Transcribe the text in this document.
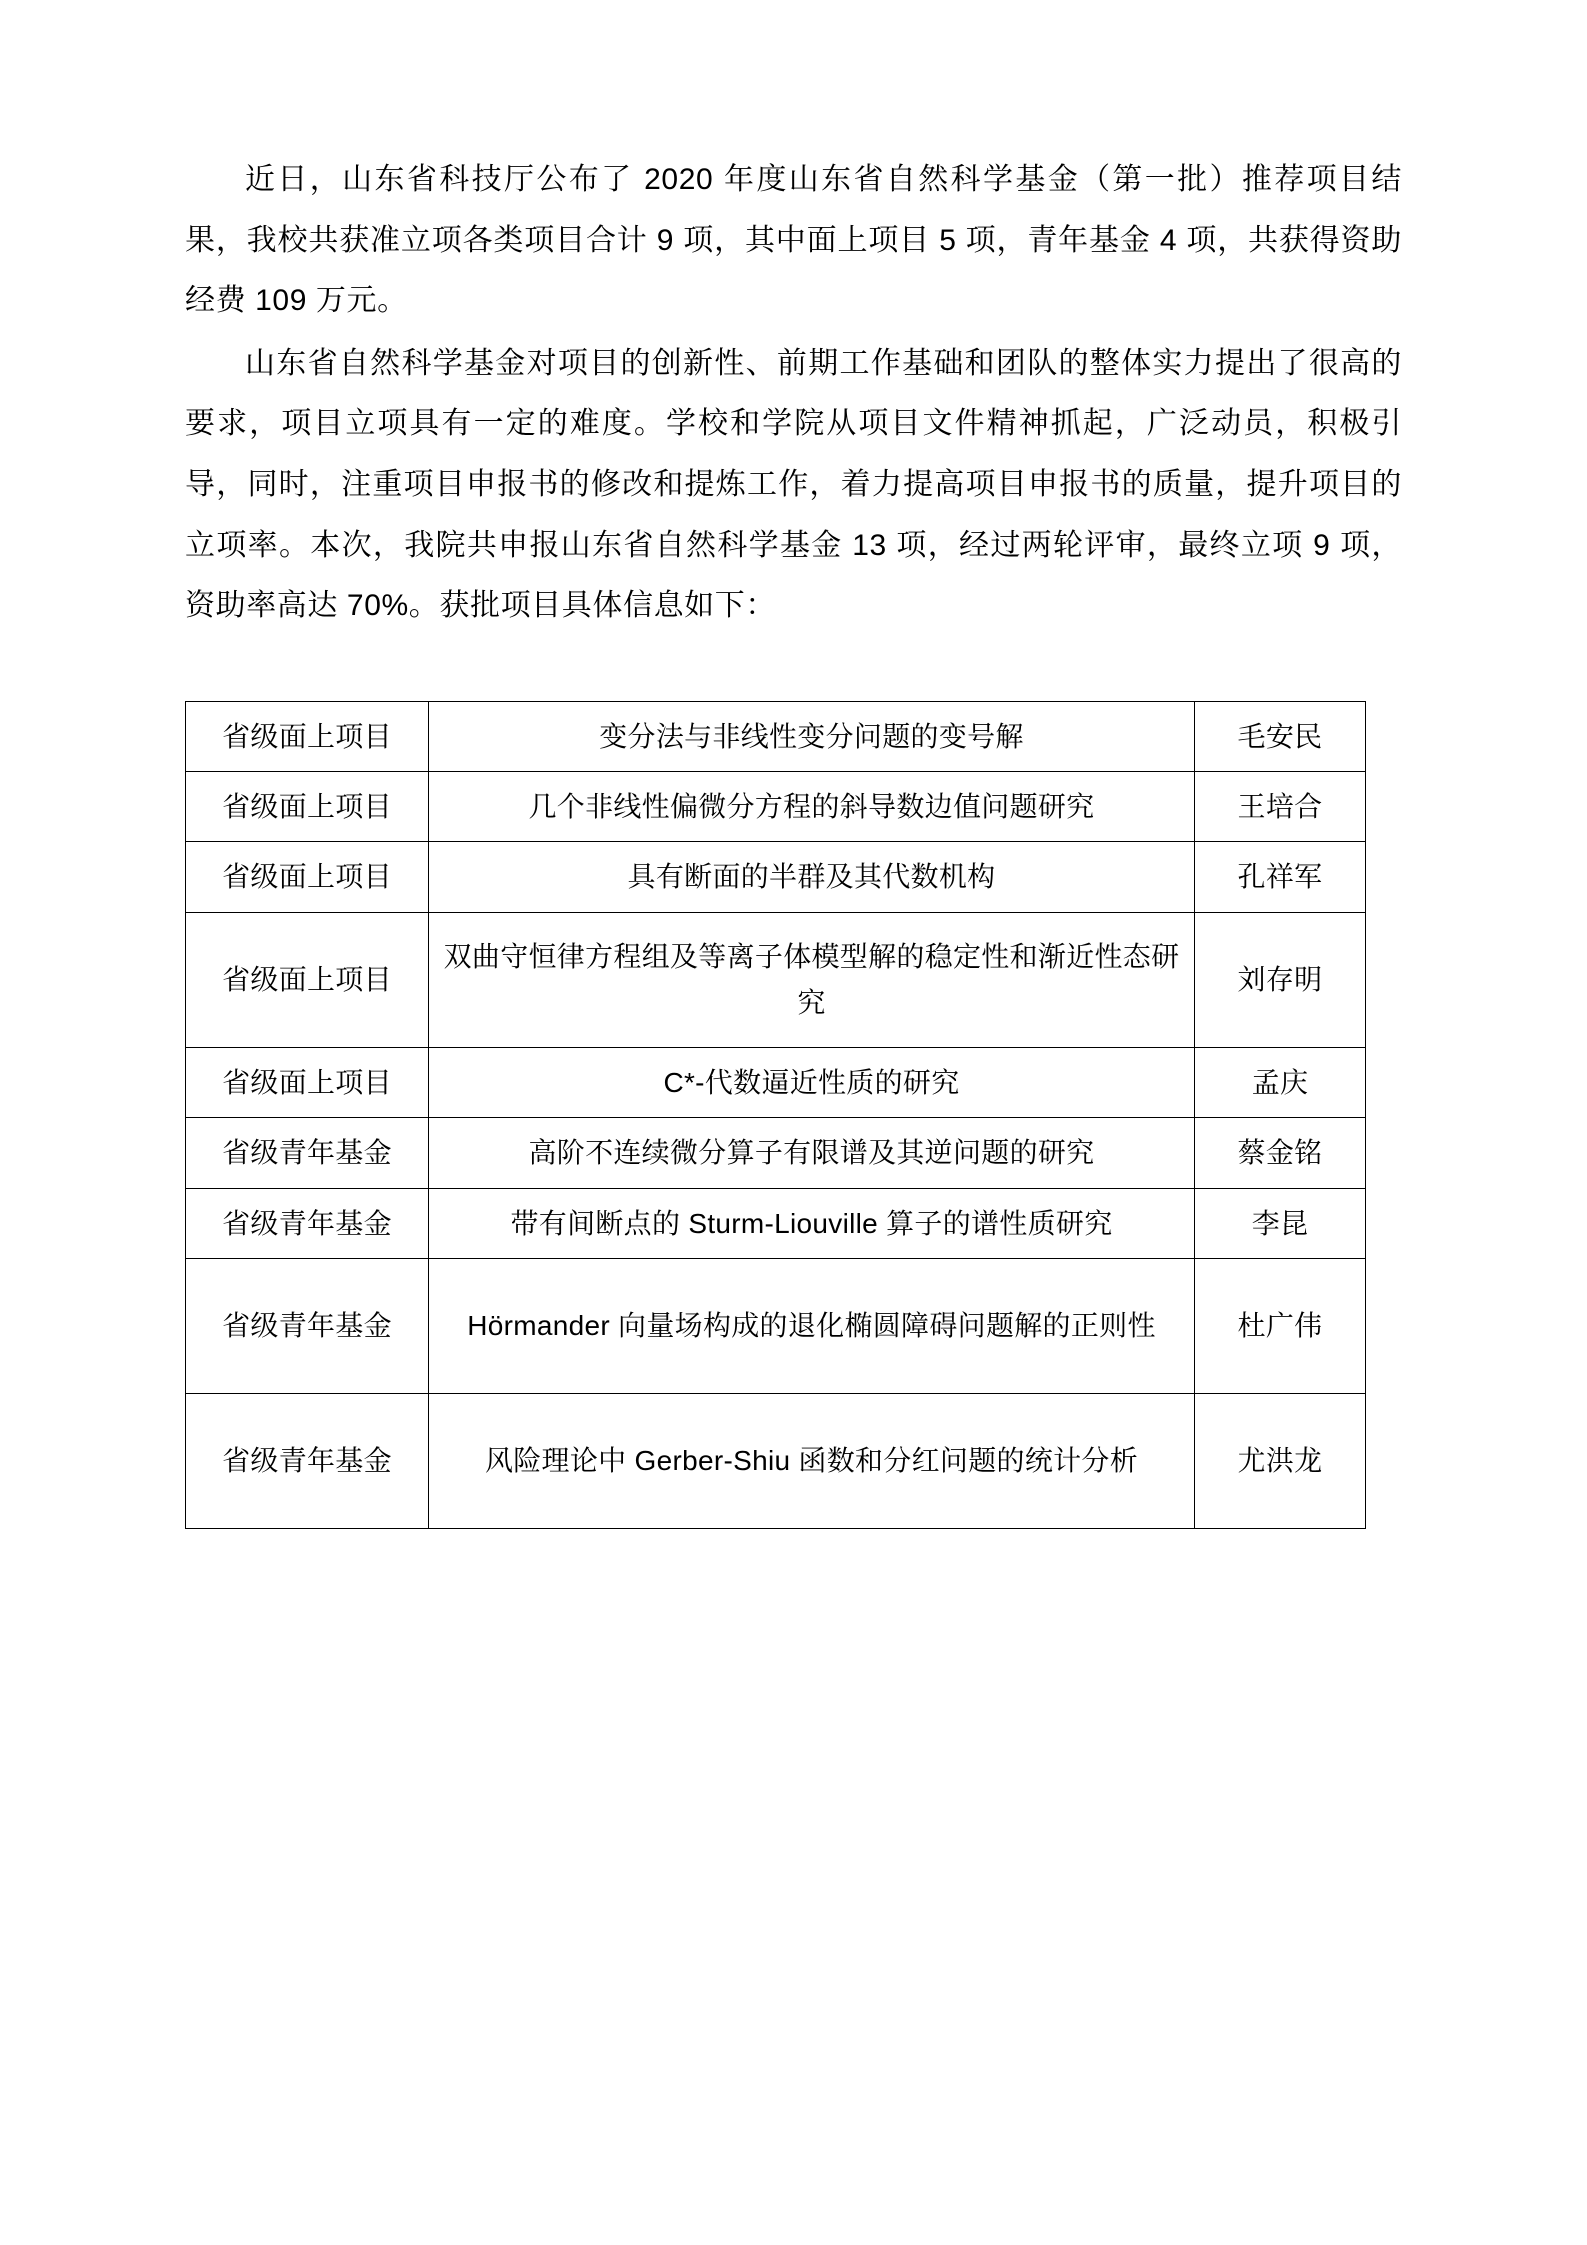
近日，山东省科技厅公布了 2020 年度山东省自然科学基金（第一批）推荐项目结果，我校共获准立项各类项目合计 9 项，其中面上项目 5 项，青年基金 4 项，共获得资助经费 109 万元。

山东省自然科学基金对项目的创新性、前期工作基础和团队的整体实力提出了很高的要求，项目立项具有一定的难度。学校和学院从项目文件精神抓起，广泛动员，积极引导，同时，注重项目申报书的修改和提炼工作，着力提高项目申报书的质量，提升项目的立项率。本次，我院共申报山东省自然科学基金 13 项，经过两轮评审，最终立项 9 项，资助率高达 70%。获批项目具体信息如下：

省级面上项目	变分法与非线性变分问题的变号解	毛安民
省级面上项目	几个非线性偏微分方程的斜导数边值问题研究	王培合
省级面上项目	具有断面的半群及其代数机构	孔祥军
省级面上项目	双曲守恒律方程组及等离子体模型解的稳定性和渐近性态研究	刘存明
省级面上项目	C*-代数逼近性质的研究	孟庆
省级青年基金	高阶不连续微分算子有限谱及其逆问题的研究	蔡金铭
省级青年基金	带有间断点的 Sturm-Liouville 算子的谱性质研究	李昆
省级青年基金	Hörmander 向量场构成的退化椭圆障碍问题解的正则性	杜广伟
省级青年基金	风险理论中 Gerber-Shiu 函数和分红问题的统计分析	尤洪龙
